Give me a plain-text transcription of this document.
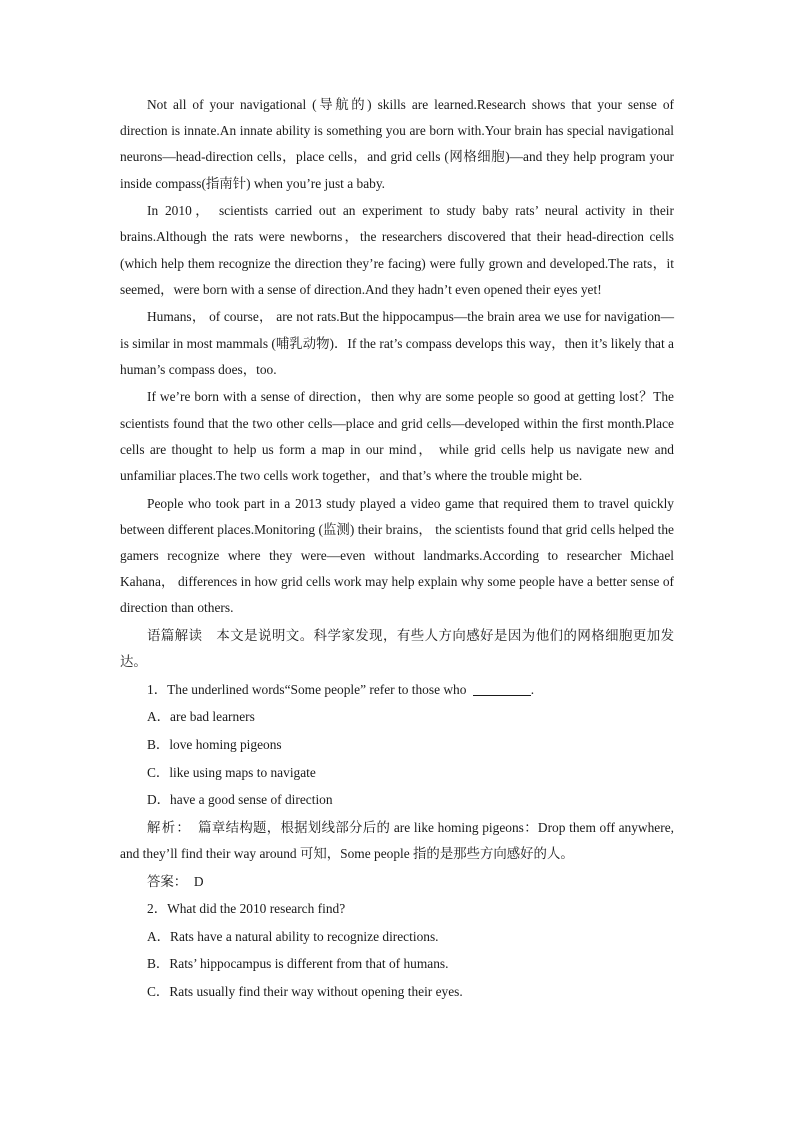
Not all of your navigational (导航的) skills are learned.Research shows that your sense of direction is innate.An innate ability is something you are born with.Your brain has special navigational neurons—head-direction cells，place cells，and grid cells (网格细胞)—and they help program your inside compass(指南针) when you’re just a baby.

In 2010， scientists carried out an experiment to study baby rats’ neural activity in their brains.Although the rats were newborns，the researchers discovered that their head-direction cells (which help them recognize the direction they’re facing) were fully grown and developed.The rats，it seemed，were born with a sense of direction.And they hadn’t even opened their eyes yet!

Humans， of course， are not rats.But the hippocampus—the brain area we use for navigation—is similar in most mammals (哺乳动物)．If the rat’s compass develops this way，then it’s likely that a human’s compass does，too.

If we’re born with a sense of direction，then why are some people so good at getting lost？The scientists found that the two other cells—place and grid cells—developed within the first month.Place cells are thought to help us form a map in our mind， while grid cells help us navigate new and unfamiliar places.The two cells work together，and that’s where the trouble might be.

People who took part in a 2013 study played a video game that required them to travel quickly between different places.Monitoring (监测) their brains， the scientists found that grid cells helped the gamers recognize where they were—even without landmarks.According to researcher Michael Kahana， differences in how grid cells work may help explain why some people have a better sense of direction than others.

语篇解读　 本文是说明文。科学家发现，有些人方向感好是因为他们的网格细胞更加发达。

1．The underlined words“Some people” refer to those who	.

A．are bad learners

B．love homing pigeons

C．like using maps to navigate

D．have a good sense of direction

解析：　 篇章结构题，根据划线部分后的 are like homing pigeons：Drop them off anywhere, and they’ll find their way around 可知，Some people 指的是那些方向感好的人。

答案：　 D

2．What did the 2010 research find?

A．Rats have a natural ability to recognize directions.

B．Rats’ hippocampus is different from that of humans.

C．Rats usually find their way without opening their eyes.
